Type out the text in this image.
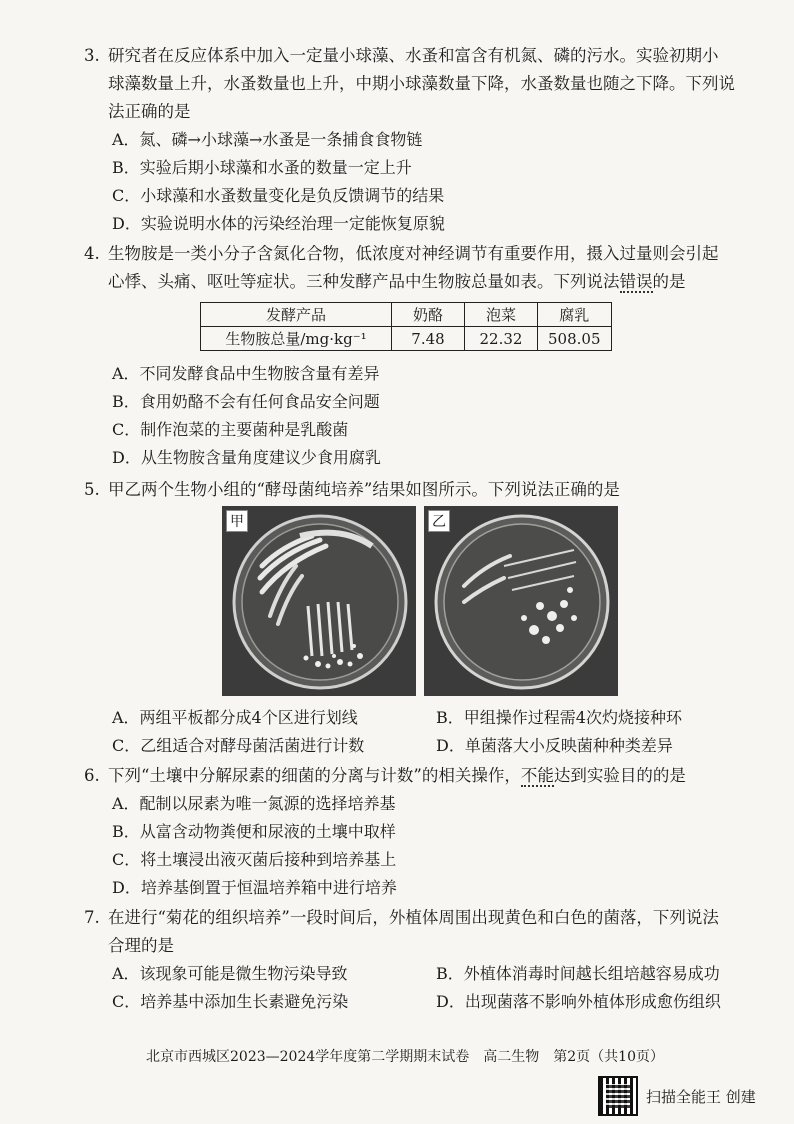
3. 研究者在反应体系中加入一定量小球藻、水蚤和富含有机氮、磷的污水。实验初期小
球藻数量上升，水蚤数量也上升，中期小球藻数量下降，水蚤数量也随之下降。下列说
法正确的是
A．氮、磷→小球藻→水蚤是一条捕食食物链
B．实验后期小球藻和水蚤的数量一定上升
C．小球藻和水蚤数量变化是负反馈调节的结果
D．实验说明水体的污染经治理一定能恢复原貌
4. 生物胺是一类小分子含氮化合物，低浓度对神经调节有重要作用，摄入过量则会引起
心悸、头痛、呕吐等症状。三种发酵产品中生物胺总量如表。下列说法错误的是
发酵产品	奶酪	泡菜	腐乳
生物胺总量/mg·kg⁻¹	7.48	22.32	508.05
A．不同发酵食品中生物胺含量有差异
B．食用奶酪不会有任何食品安全问题
C．制作泡菜的主要菌种是乳酸菌
D．从生物胺含量角度建议少食用腐乳
5. 甲乙两个生物小组的“酵母菌纯培养”结果如图所示。下列说法正确的是
甲	乙
A．两组平板都分成4个区进行划线	B．甲组操作过程需4次灼烧接种环
C．乙组适合对酵母菌活菌进行计数	D．单菌落大小反映菌种种类差异
6. 下列“土壤中分解尿素的细菌的分离与计数”的相关操作，不能达到实验目的的是
A．配制以尿素为唯一氮源的选择培养基
B．从富含动物粪便和尿液的土壤中取样
C．将土壤浸出液灭菌后接种到培养基上
D．培养基倒置于恒温培养箱中进行培养
7. 在进行“菊花的组织培养”一段时间后，外植体周围出现黄色和白色的菌落，下列说法
合理的是
A．该现象可能是微生物污染导致	B．外植体消毒时间越长组培越容易成功
C．培养基中添加生长素避免污染	D．出现菌落不影响外植体形成愈伤组织
北京市西城区2023—2024学年度第二学期期末试卷　高二生物　第2页（共10页）
扫描全能王 创建
